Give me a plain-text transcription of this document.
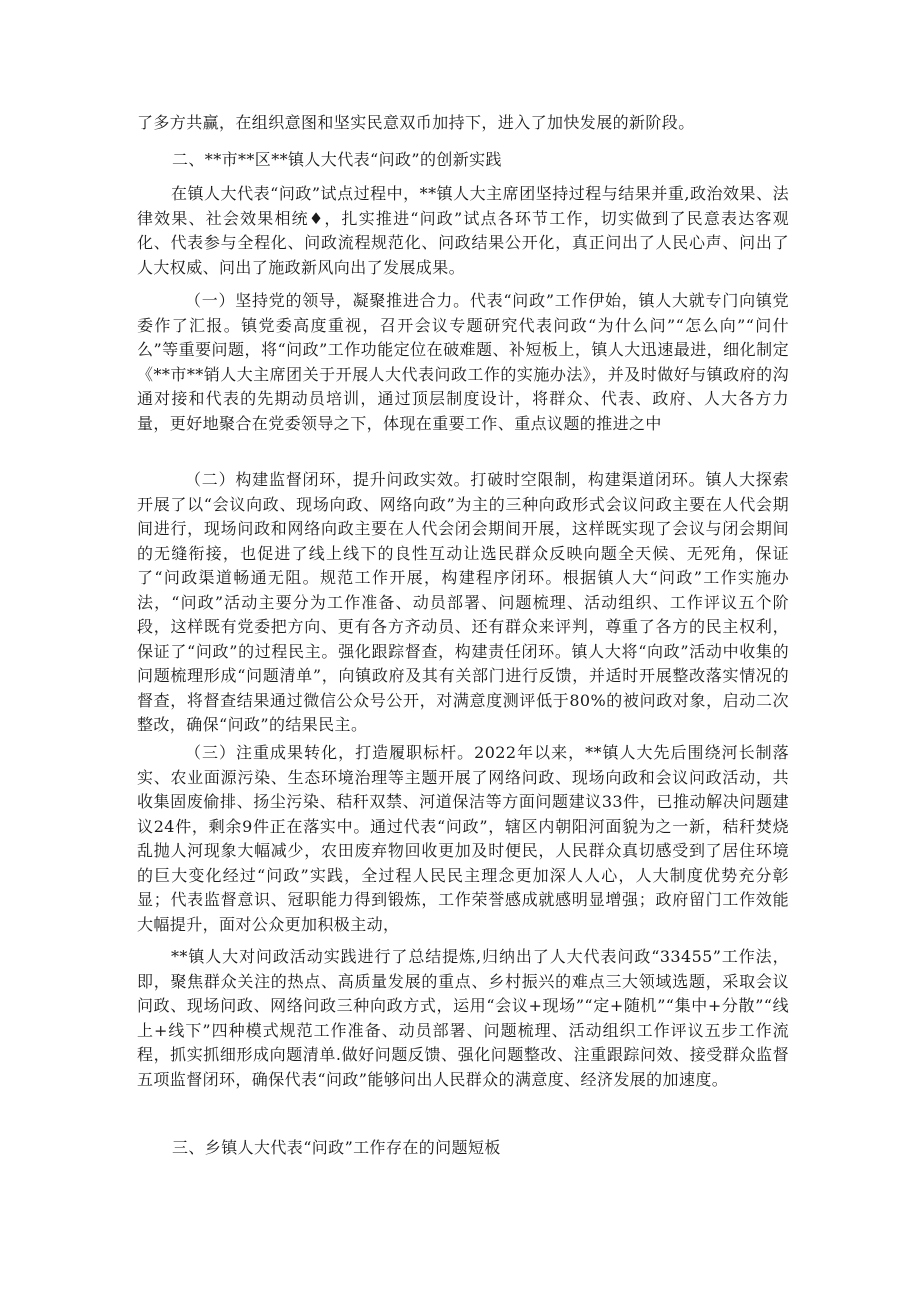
了多方共赢，在组织意图和坚实民意双币加持下，进入了加快发展的新阶段。

二、**市**区**镇人大代表“问政”的创新实践

在镇人大代表“问政”试点过程中，**镇人大主席团坚持过程与结果并重,政治效果、法律效果、社会效果相统♦，扎实推进“问政”试点各环节工作，切实做到了民意表达客观化、代表参与全程化、问政流程规范化、问政结果公开化，真正问出了人民心声、问出了人大权威、问出了施政新风向出了发展成果。

（一）坚持党的领导，凝聚推进合力。代表“问政”工作伊始，镇人大就专门向镇党委作了汇报。镇党委高度重视，召开会议专题研究代表问政“为什么问”“怎么向”“问什么”等重要问题，将“问政”工作功能定位在破难题、补短板上，镇人大迅速最进，细化制定《**市**销人大主席团关于开展人大代表问政工作的实施办法》，并及时做好与镇政府的沟通对接和代表的先期动员培训，通过顶层制度设计，将群众、代表、政府、人大各方力量，更好地聚合在党委领导之下，体现在重要工作、重点议题的推进之中

（二）构建监督闭环，提升问政实效。打破时空限制，构建渠道闭环。镇人大探索开展了以“会议向政、现场向政、网络向政”为主的三种向政形式会议问政主要在人代会期间进行，现场问政和网络向政主要在人代会闭会期间开展，这样既实现了会议与闭会期间的无缝衔接，也促进了线上线下的良性互动让选民群众反映向题全天候、无死角，保证了“问政渠道畅通无阻。规范工作开展，构建程序闭环。根据镇人大“问政”工作实施办法，“问政”活动主要分为工作准备、动员部署、问题梳理、活动组织、工作评议五个阶段，这样既有党委把方向、更有各方齐动员、还有群众来评判，尊重了各方的民主权利，保证了“问政”的过程民主。强化跟踪督查，构建责任闭环。镇人大将“向政”活动中收集的问题梳理形成“问题清单”，向镇政府及其有关部门进行反馈，并适时开展整改落实情况的督查，将督查结果通过微信公众号公开，对满意度测评低于80%的被问政对象，启动二次整改，确保“问政”的结果民主。

（三）注重成果转化，打造履职标杆。2022年以来，**镇人大先后围绕河长制落实、农业面源污染、生态环境治理等主题开展了网络问政、现场向政和会议问政活动，共收集固废偷排、扬尘污染、秸秆双禁、河道保洁等方面问题建议33件，已推动解决问题建议24件，剩余9件正在落实中。通过代表“问政”，辖区内朝阳河面貌为之一新，秸秆焚烧乱抛人河现象大幅减少，农田废弃物回收更加及时便民，人民群众真切感受到了居住环境的巨大变化经过“问政”实践，全过程人民民主理念更加深人人心，人大制度优势充分彰显；代表监督意识、冠职能力得到锻炼，工作荣誉感成就感明显增强；政府留门工作效能大幅提升，面对公众更加积极主动，

**镇人大对问政活动实践进行了总结提炼,归纳出了人大代表问政“33455”工作法，即，聚焦群众关注的热点、高质量发展的重点、乡村振兴的难点三大领域选题，采取会议问政、现场问政、网络问政三种向政方式，运用“会议+现场”“定+随机”“集中+分散”“线上+线下”四种模式规范工作准备、动员部署、问题梳理、活动组织工作评议五步工作流程，抓实抓细形成向题清单.做好问题反馈、强化问题整改、注重跟踪问效、接受群众监督五项监督闭环，确保代表“问政”能够问出人民群众的满意度、经济发展的加速度。

三、乡镇人大代表“问政”工作存在的问题短板
